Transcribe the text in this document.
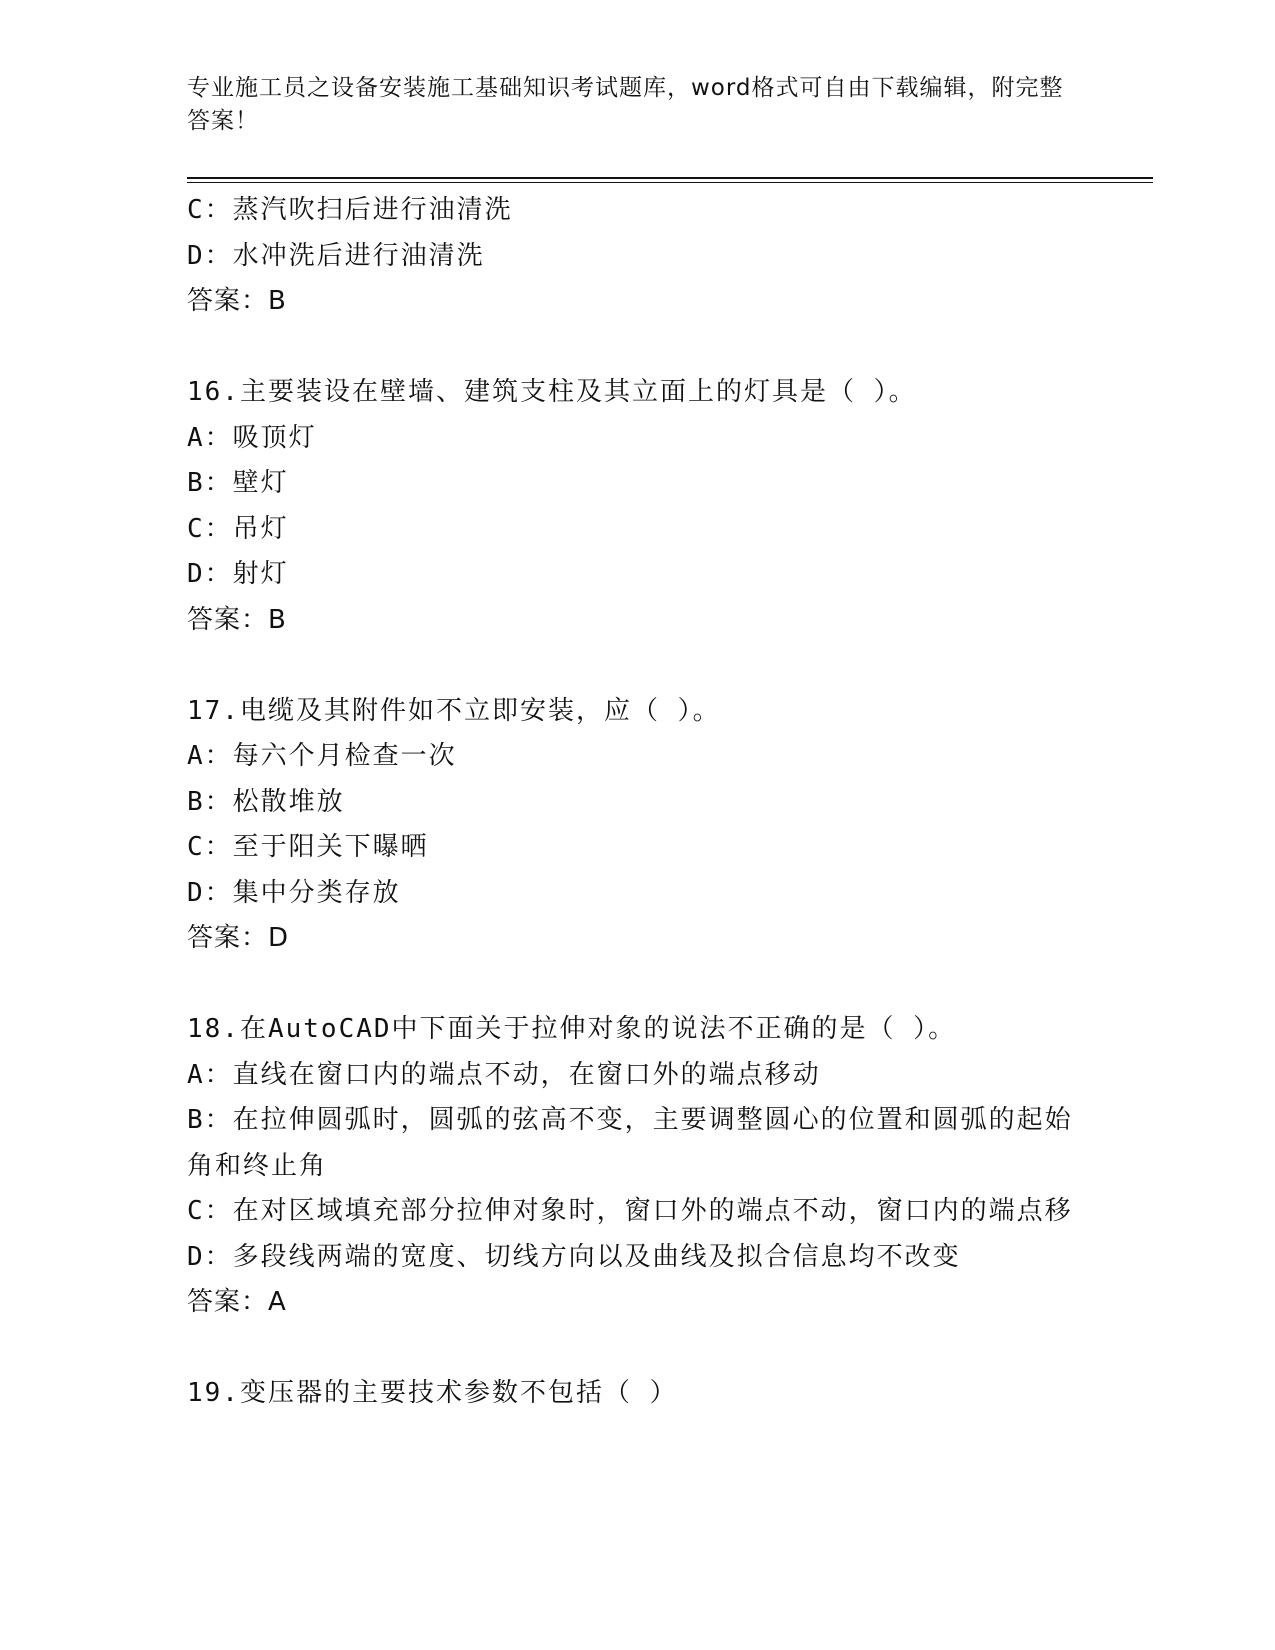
专业施工员之设备安装施工基础知识考试题库，word格式可自由下载编辑，附完整答案！

C：蒸汽吹扫后进行油清洗

D：水冲洗后进行油清洗

答案：B

16.主要装设在壁墙、建筑支柱及其立面上的灯具是（ ）。

A：吸顶灯

B：壁灯

C：吊灯

D：射灯

答案：B

17.电缆及其附件如不立即安装，应（ ）。

A：每六个月检查一次

B：松散堆放

C：至于阳关下曝晒

D：集中分类存放

答案：D

18.在AutoCAD中下面关于拉伸对象的说法不正确的是（ ）。

A：直线在窗口内的端点不动，在窗口外的端点移动

B：在拉伸圆弧时，圆弧的弦高不变，主要调整圆心的位置和圆弧的起始角和终止角

C：在对区域填充部分拉伸对象时，窗口外的端点不动，窗口内的端点移

D：多段线两端的宽度、切线方向以及曲线及拟合信息均不改变

答案：A

19.变压器的主要技术参数不包括（ ）
